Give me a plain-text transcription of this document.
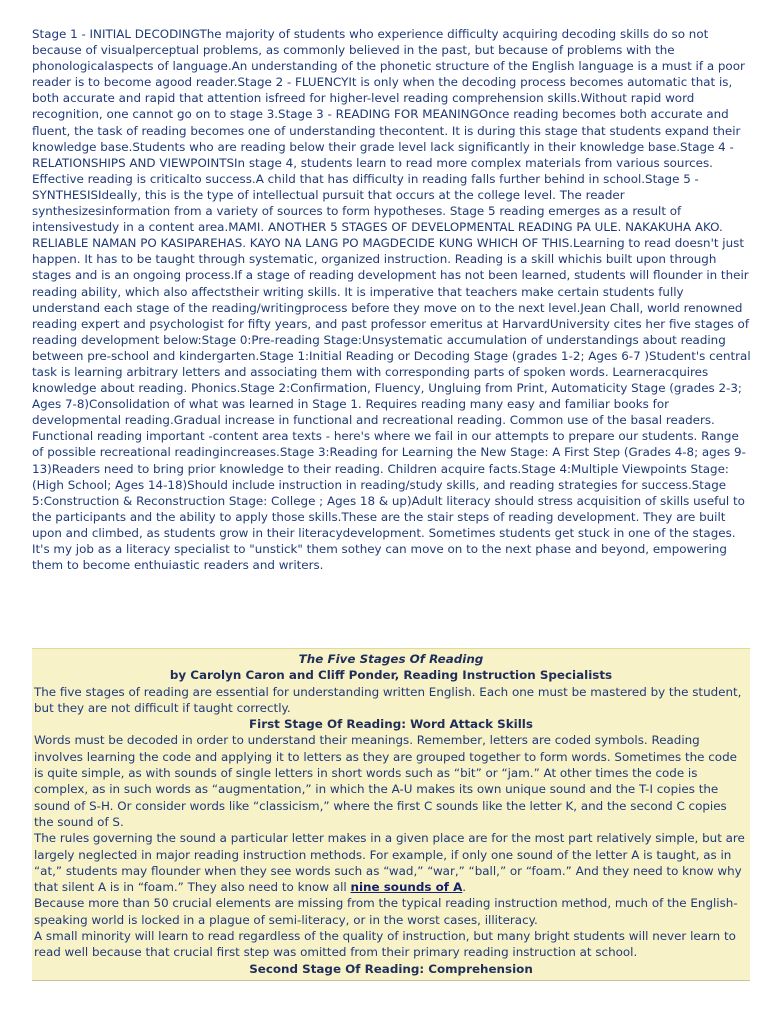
Stage 1 - INITIAL DECODINGThe majority of students who experience difficulty acquiring decoding skills do so not because of visualperceptual problems, as commonly believed in the past, but because of problems with the phonologicalaspects of language.An understanding of the phonetic structure of the English language is a must if a poor reader is to become agood reader.Stage 2 - FLUENCYIt is only when the decoding process becomes automatic that is, both accurate and rapid that attention isfreed for higher-level reading comprehension skills.Without rapid word recognition, one cannot go on to stage 3.Stage 3 - READING FOR MEANINGOnce reading becomes both accurate and fluent, the task of reading becomes one of understanding thecontent. It is during this stage that students expand their knowledge base.Students who are reading below their grade level lack significantly in their knowledge base.Stage 4 - RELATIONSHIPS AND VIEWPOINTSIn stage 4, students learn to read more complex materials from various sources. Effective reading is criticalto success.A child that has difficulty in reading falls further behind in school.Stage 5 - SYNTHESISIdeally, this is the type of intellectual pursuit that occurs at the college level. The reader synthesizesinformation from a variety of sources to form hypotheses. Stage 5 reading emerges as a result of intensivestudy in a content area.MAMI. ANOTHER 5 STAGES OF DEVELOPMENTAL READING PA ULE. NAKAKUHA AKO. RELIABLE NAMAN PO KASIPAREHAS. KAYO NA LANG PO MAGDECIDE KUNG WHICH OF THIS.Learning to read doesn't just happen. It has to be taught through systematic, organized instruction. Reading is a skill whichis built upon through stages and is an ongoing process.If a stage of reading development has not been learned, students will flounder in their reading ability, which also affectstheir writing skills. It is imperative that teachers make certain students fully understand each stage of the reading/writingprocess before they move on to the next level.Jean Chall, world renowned reading expert and psychologist for fifty years, and past professor emeritus at HarvardUniversity cites her five stages of reading development below:Stage 0:Pre-reading Stage:Unsystematic accumulation of understandings about reading between pre-school and kindergarten.Stage 1:Initial Reading or Decoding Stage (grades 1-2; Ages 6-7 )Student's central task is learning arbitrary letters and associating them with corresponding parts of spoken words. Learneracquires knowledge about reading. Phonics.Stage 2:Confirmation, Fluency, Ungluing from Print, Automaticity Stage (grades 2-3; Ages 7-8)Consolidation of what was learned in Stage 1. Requires reading many easy and familiar books for developmental reading.Gradual increase in functional and recreational reading. Common use of the basal readers. Functional reading important -content area texts - here's where we fail in our attempts to prepare our students. Range of possible recreational readingincreases.Stage 3:Reading for Learning the New Stage: A First Step (Grades 4-8; ages 9-13)Readers need to bring prior knowledge to their reading. Children acquire facts.Stage 4:Multiple Viewpoints Stage: (High School; Ages 14-18)Should include instruction in reading/study skills, and reading strategies for success.Stage 5:Construction & Reconstruction Stage: College ; Ages 18 & up)Adult literacy should stress acquisition of skills useful to the participants and the ability to apply those skills.These are the stair steps of reading development. They are built upon and climbed, as students grow in their literacydevelopment. Sometimes students get stuck in one of the stages. It's my job as a literacy specialist to "unstick" them sothey can move on to the next phase and beyond, empowering them to become enthuiastic readers and writers.

The Five Stages Of Reading

by Carolyn Caron and Cliff Ponder, Reading Instruction Specialists

The five stages of reading are essential for understanding written English. Each one must be mastered by the student, but they are not difficult if taught correctly.

First Stage Of Reading: Word Attack Skills

Words must be decoded in order to understand their meanings. Remember, letters are coded symbols. Reading involves learning the code and applying it to letters as they are grouped together to form words. Sometimes the code is quite simple, as with sounds of single letters in short words such as “bit” or “jam.” At other times the code is complex, as in such words as “augmentation,” in which the A-U makes its own unique sound and the T-I copies the sound of S-H. Or consider words like “classicism,” where the first C sounds like the letter K, and the second C copies the sound of S.

The rules governing the sound a particular letter makes in a given place are for the most part relatively simple, but are largely neglected in major reading instruction methods. For example, if only one sound of the letter A is taught, as in “at,” students may flounder when they see words such as “wad,” “war,” “ball,” or “foam.” And they need to know why that silent A is in “foam.” They also need to know all nine sounds of A.

Because more than 50 crucial elements are missing from the typical reading instruction method, much of the English-speaking world is locked in a plague of semi-literacy, or in the worst cases, illiteracy.

A small minority will learn to read regardless of the quality of instruction, but many bright students will never learn to read well because that crucial first step was omitted from their primary reading instruction at school.

Second Stage Of Reading: Comprehension
